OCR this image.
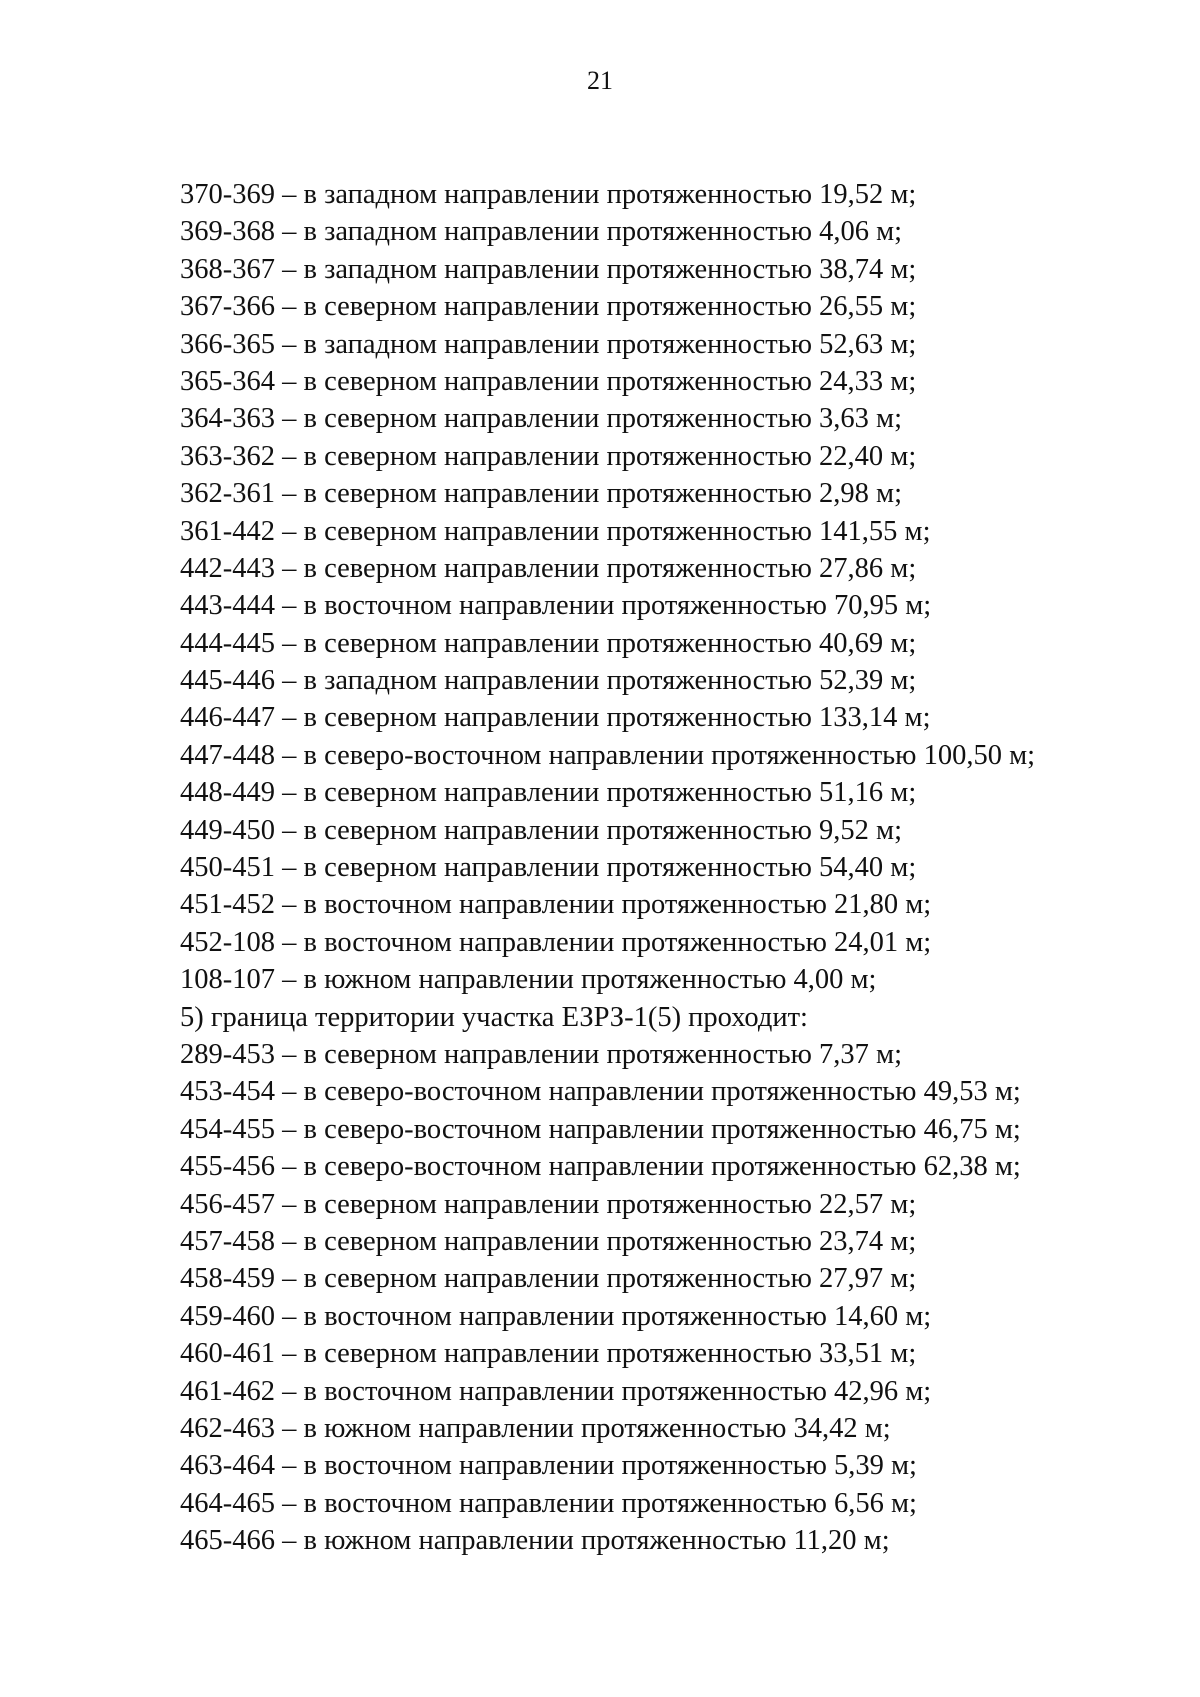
21
370-369 – в западном направлении протяженностью 19,52 м;
369-368 – в западном направлении протяженностью 4,06 м;
368-367 – в западном направлении протяженностью 38,74 м;
367-366 – в северном направлении протяженностью 26,55 м;
366-365 – в западном направлении протяженностью 52,63 м;
365-364 – в северном направлении протяженностью 24,33 м;
364-363 – в северном направлении протяженностью 3,63 м;
363-362 – в северном направлении протяженностью 22,40 м;
362-361 – в северном направлении протяженностью 2,98 м;
361-442 – в северном направлении протяженностью 141,55 м;
442-443 – в северном направлении протяженностью 27,86 м;
443-444 – в восточном направлении протяженностью 70,95 м;
444-445 – в северном направлении протяженностью 40,69 м;
445-446 – в западном направлении протяженностью 52,39 м;
446-447 – в северном направлении протяженностью 133,14 м;
447-448 – в северо-восточном направлении протяженностью 100,50 м;
448-449 – в северном направлении протяженностью 51,16 м;
449-450 – в северном направлении протяженностью 9,52 м;
450-451 – в северном направлении протяженностью 54,40 м;
451-452 – в восточном направлении протяженностью 21,80 м;
452-108 – в восточном направлении протяженностью 24,01 м;
108-107 – в южном направлении протяженностью 4,00 м;
5) граница территории участка ЕЗРЗ-1(5) проходит:
289-453 – в северном направлении протяженностью 7,37 м;
453-454 – в северо-восточном направлении протяженностью 49,53 м;
454-455 – в северо-восточном направлении протяженностью 46,75 м;
455-456 – в северо-восточном направлении протяженностью 62,38 м;
456-457 – в северном направлении протяженностью 22,57 м;
457-458 – в северном направлении протяженностью 23,74 м;
458-459 – в северном направлении протяженностью 27,97 м;
459-460 – в восточном направлении протяженностью 14,60 м;
460-461 – в северном направлении протяженностью 33,51 м;
461-462 – в восточном направлении протяженностью 42,96 м;
462-463 – в южном направлении протяженностью 34,42 м;
463-464 – в восточном направлении протяженностью 5,39 м;
464-465 – в восточном направлении протяженностью 6,56 м;
465-466 – в южном направлении протяженностью 11,20 м;
